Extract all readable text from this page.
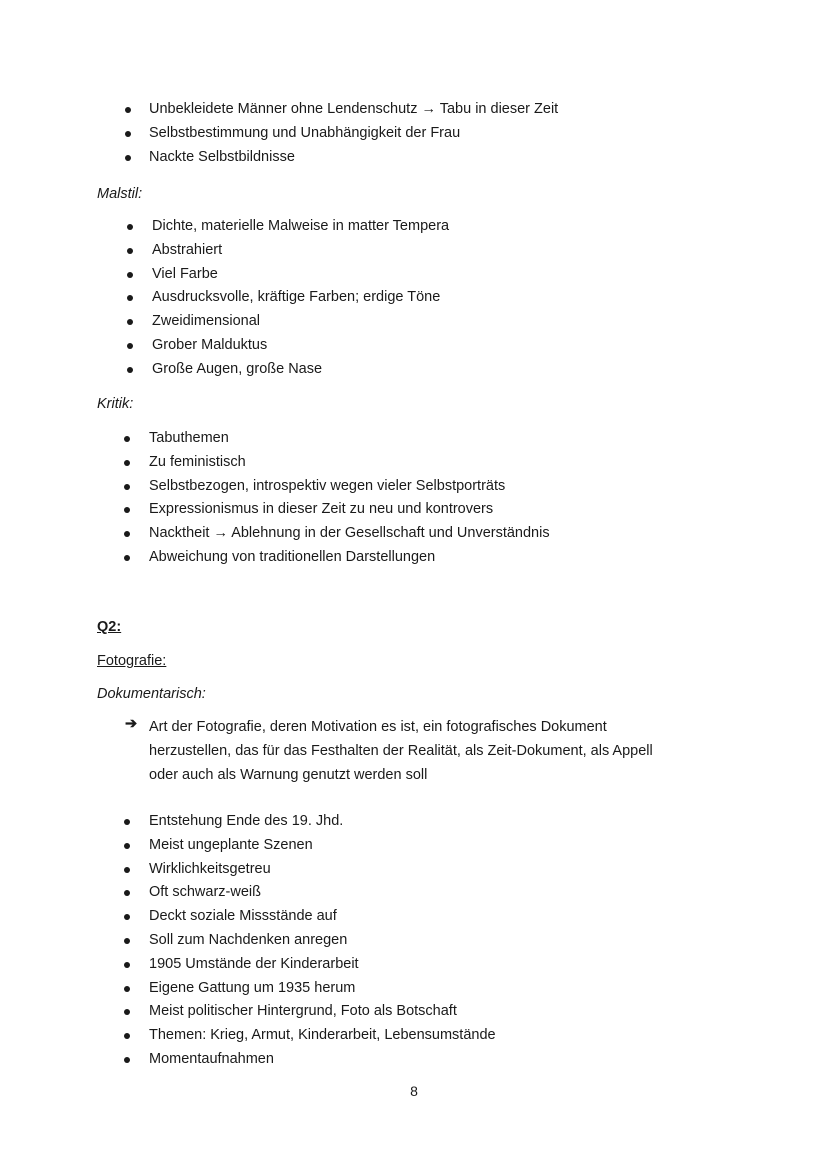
Unbekleidete Männer ohne Lendenschutz → Tabu in dieser Zeit
Selbstbestimmung und Unabhängigkeit der Frau
Nackte Selbstbildnisse
Malstil:
Dichte, materielle Malweise in matter Tempera
Abstrahiert
Viel Farbe
Ausdrucksvolle, kräftige Farben; erdige Töne
Zweidimensional
Grober Malduktus
Große Augen, große Nase
Kritik:
Tabuthemen
Zu feministisch
Selbstbezogen, introspektiv wegen vieler Selbstporträts
Expressionismus in dieser Zeit zu neu und kontrovers
Nacktheit → Ablehnung in der Gesellschaft und Unverständnis
Abweichung von traditionellen Darstellungen
Q2:
Fotografie:
Dokumentarisch:
➔ Art der Fotografie, deren Motivation es ist, ein fotografisches Dokument
herzustellen, das für das Festhalten der Realität, als Zeit-Dokument, als Appell
oder auch als Warnung genutzt werden soll
Entstehung Ende des 19. Jhd.
Meist ungeplante Szenen
Wirklichkeitsgetreu
Oft schwarz-weiß
Deckt soziale Missstände auf
Soll zum Nachdenken anregen
1905 Umstände der Kinderarbeit
Eigene Gattung um 1935 herum
Meist politischer Hintergrund, Foto als Botschaft
Themen: Krieg, Armut, Kinderarbeit, Lebensumstände
Momentaufnahmen
8
